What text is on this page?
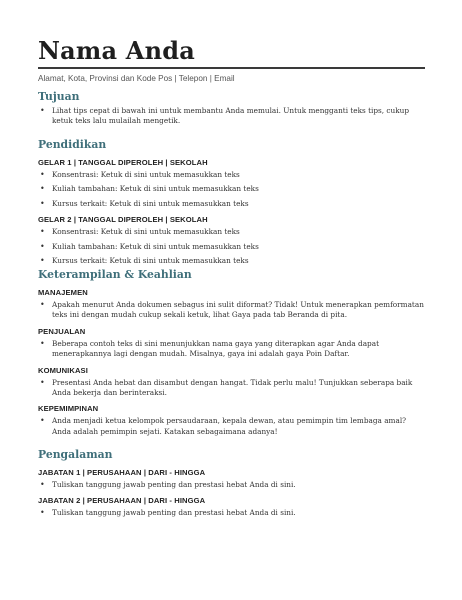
Nama Anda

Alamat, Kota, Provinsi dan Kode Pos | Telepon | Email

Tujuan
• Lihat tips cepat di bawah ini untuk membantu Anda memulai. Untuk mengganti teks tips, cukup ketuk teks lalu mulailah mengetik.
Pendidikan

GELAR 1 | TANGGAL DIPEROLEH | SEKOLAH

• Konsentrasi: Ketuk di sini untuk memasukkan teks
• Kuliah tambahan: Ketuk di sini untuk memasukkan teks
• Kursus terkait: Ketuk di sini untuk memasukkan teks

GELAR 2 | TANGGAL DIPEROLEH | SEKOLAH

• Konsentrasi: Ketuk di sini untuk memasukkan teks
• Kuliah tambahan: Ketuk di sini untuk memasukkan teks
• Kursus terkait: Ketuk di sini untuk memasukkan teks
Keterampilan & Keahlian

MANAJEMEN

• Apakah menurut Anda dokumen sebagus ini sulit diformat? Tidak! Untuk menerapkan pemformatan teks ini dengan mudah cukup sekali ketuk, lihat Gaya pada tab Beranda di pita.

PENJUALAN

• Beberapa contoh teks di sini menunjukkan nama gaya yang diterapkan agar Anda dapat menerapkannya lagi dengan mudah. Misalnya, gaya ini adalah gaya Poin Daftar.

KOMUNIKASI

• Presentasi Anda hebat dan disambut dengan hangat. Tidak perlu malu! Tunjukkan seberapa baik Anda bekerja dan berinteraksi.

KEPEMIMPINAN

• Anda menjadi ketua kelompok persaudaraan, kepala dewan, atau pemimpin tim lembaga amal? Anda adalah pemimpin sejati. Katakan sebagaimana adanya!
Pengalaman

JABATAN 1 | PERUSAHAAN | DARI - HINGGA

• Tuliskan tanggung jawab penting dan prestasi hebat Anda di sini.

JABATAN 2 | PERUSAHAAN | DARI - HINGGA

• Tuliskan tanggung jawab penting dan prestasi hebat Anda di sini.
